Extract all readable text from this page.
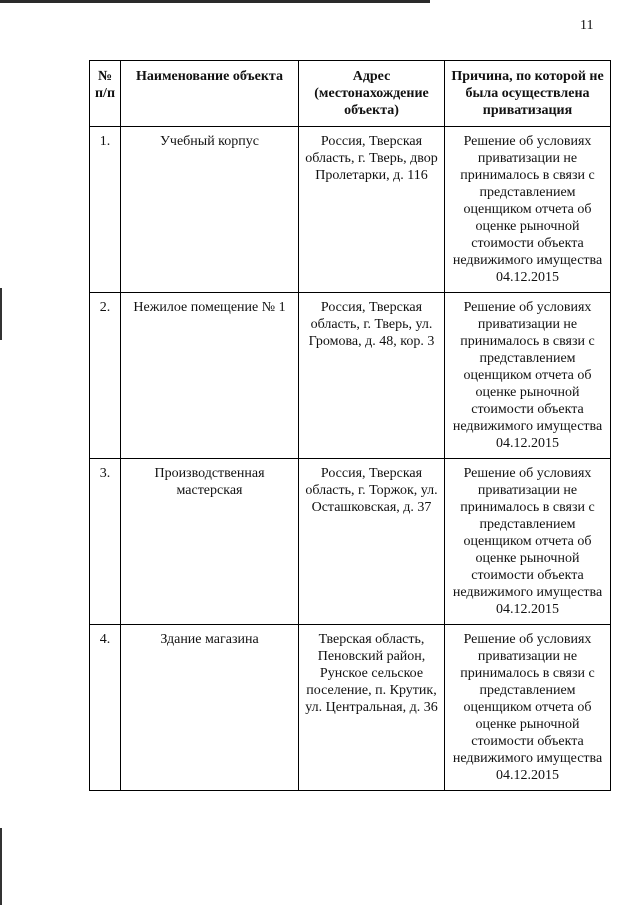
11
№ п/п	Наименование объекта	Адрес (местонахождение объекта)	Причина, по которой не была осуществлена приватизация
1.	Учебный корпус	Россия, Тверская область, г. Тверь, двор Пролетарки, д. 116	Решение об условиях приватизации не принималось в связи с представлением оценщиком отчета об оценке рыночной стоимости объекта недвижимого имущества 04.12.2015
2.	Нежилое помещение № 1	Россия, Тверская область, г. Тверь, ул. Громова, д. 48, кор. 3	Решение об условиях приватизации не принималось в связи с представлением оценщиком отчета об оценке рыночной стоимости объекта недвижимого имущества 04.12.2015
3.	Производственная мастерская	Россия, Тверская область, г. Торжок, ул. Осташковская, д. 37	Решение об условиях приватизации не принималось в связи с представлением оценщиком отчета об оценке рыночной стоимости объекта недвижимого имущества 04.12.2015
4.	Здание магазина	Тверская область, Пеновский район, Рунское сельское поселение, п. Крутик, ул. Центральная, д. 36	Решение об условиях приватизации не принималось в связи с представлением оценщиком отчета об оценке рыночной стоимости объекта недвижимого имущества 04.12.2015
